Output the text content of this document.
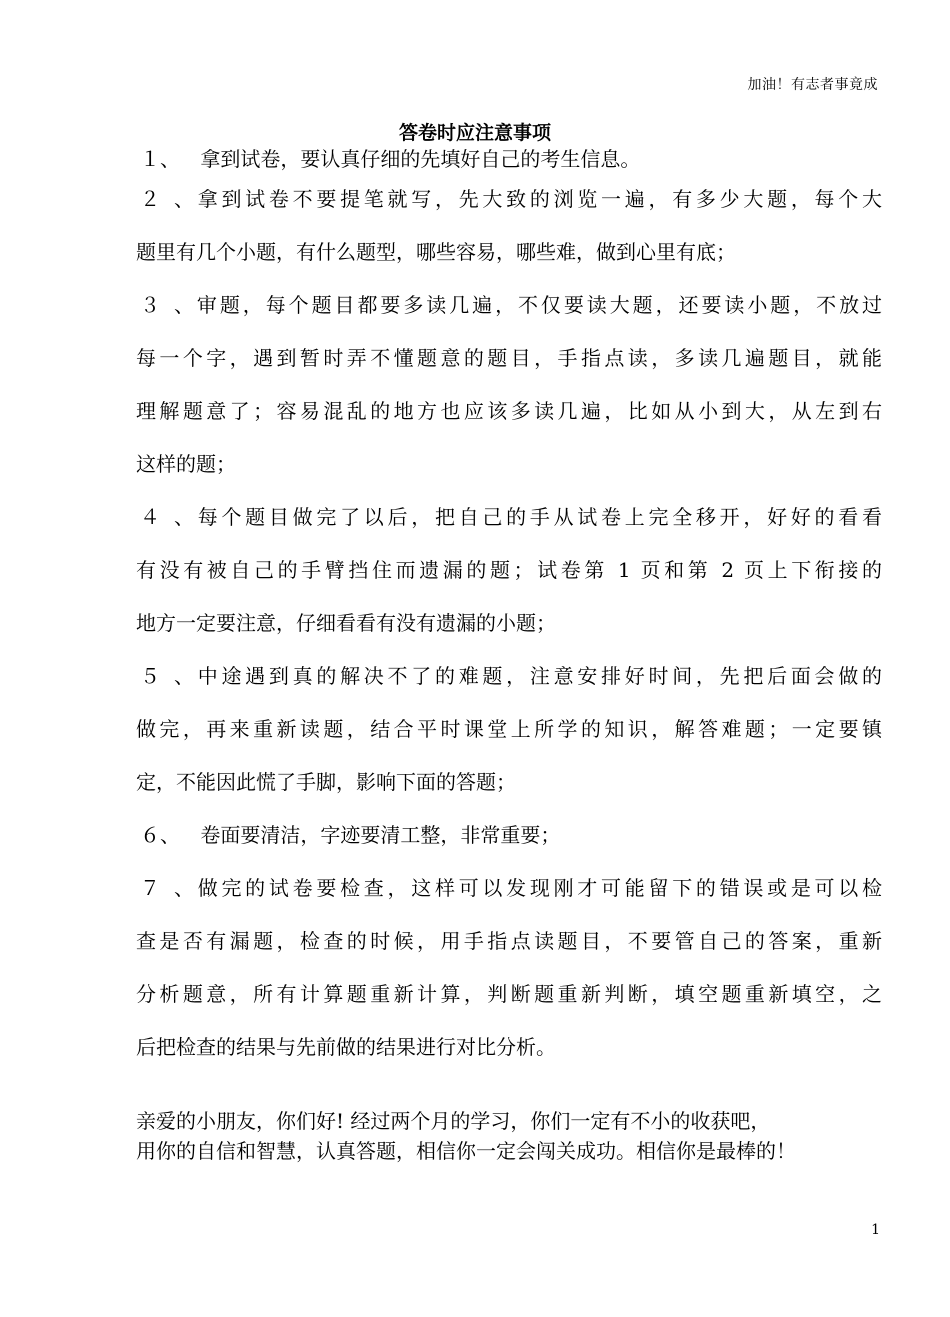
加油！有志者事竟成
答卷时应注意事项
１、 拿到试卷，要认真仔细的先填好自己的考生信息。
２、拿到试卷不要提笔就写，先大致的浏览一遍，有多少大题，每个大
题里有几个小题，有什么题型，哪些容易，哪些难，做到心里有底；
３、审题，每个题目都要多读几遍，不仅要读大题，还要读小题，不放过
每一个字，遇到暂时弄不懂题意的题目，手指点读，多读几遍题目，就能
理解题意了；容易混乱的地方也应该多读几遍，比如从小到大，从左到右
这样的题；
４、每个题目做完了以后，把自己的手从试卷上完全移开，好好的看看
有没有被自己的手臂挡住而遗漏的题；试卷第 1 页和第 2 页上下衔接的
地方一定要注意，仔细看看有没有遗漏的小题；
５、中途遇到真的解决不了的难题，注意安排好时间，先把后面会做的
做完，再来重新读题，结合平时课堂上所学的知识，解答难题；一定要镇
定，不能因此慌了手脚，影响下面的答题；
６、 卷面要清洁，字迹要清工整，非常重要；
７、做完的试卷要检查，这样可以发现刚才可能留下的错误或是可以检
查是否有漏题，检查的时候，用手指点读题目，不要管自己的答案，重新
分析题意，所有计算题重新计算，判断题重新判断，填空题重新填空，之
后把检查的结果与先前做的结果进行对比分析。
亲爱的小朋友，你们好! 经过两个月的学习，你们一定有不小的收获吧，
用你的自信和智慧，认真答题，相信你一定会闯关成功。相信你是最棒的！
1
